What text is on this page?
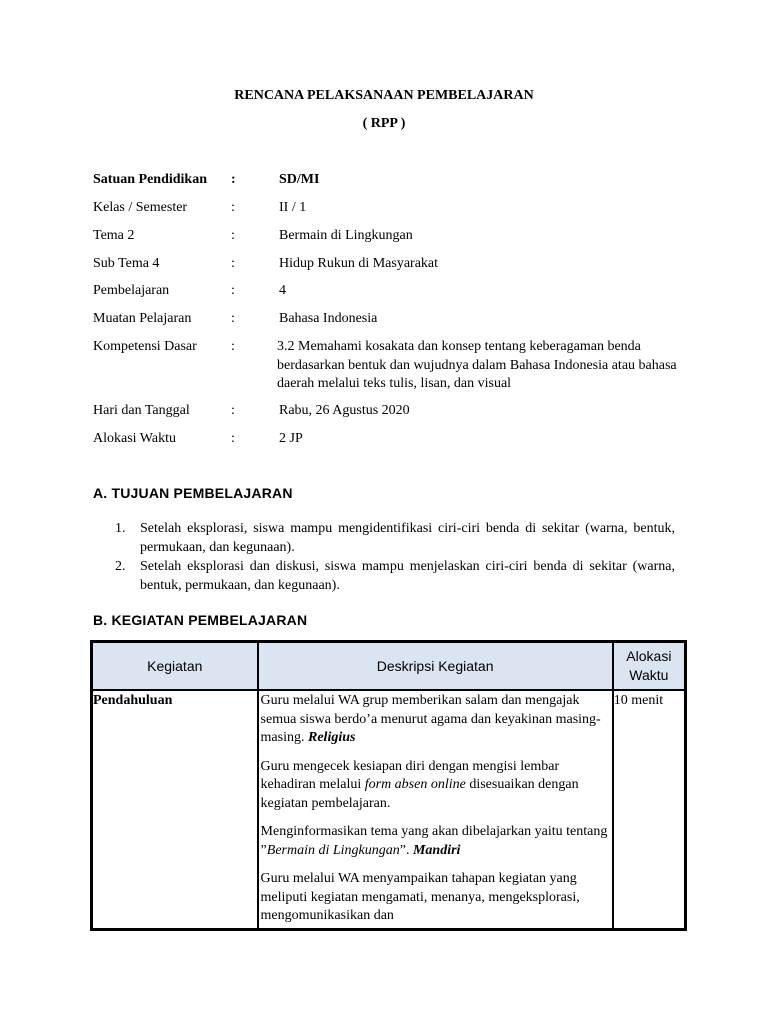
RENCANA PELAKSANAAN PEMBELAJARAN
( RPP )
Satuan Pendidikan :	SD/MI
Kelas / Semester	:	II / 1
Tema 2	:	Bermain di Lingkungan
Sub Tema 4	:	Hidup Rukun di Masyarakat
Pembelajaran	:	4
Muatan Pelajaran	:	Bahasa Indonesia
Kompetensi Dasar :	3.2 Memahami kosakata dan konsep tentang keberagaman benda berdasarkan bentuk dan wujudnya dalam Bahasa Indonesia atau bahasa daerah melalui teks tulis, lisan, dan visual
Hari dan Tanggal	:	Rabu, 26 Agustus 2020
Alokasi Waktu	:	2 JP
A. TUJUAN PEMBELAJARAN
1. Setelah eksplorasi, siswa mampu mengidentifikasi ciri-ciri benda di sekitar (warna, bentuk, permukaan, dan kegunaan).
2. Setelah eksplorasi dan diskusi, siswa mampu menjelaskan ciri-ciri benda di sekitar (warna, bentuk, permukaan, dan kegunaan).
B. KEGIATAN PEMBELAJARAN
Kegiatan	Deskripsi Kegiatan	Alokasi Waktu

Pendahuluan	Guru melalui WA grup memberikan salam dan mengajak semua siswa berdo’a menurut agama dan keyakinan masing-masing. Religius

Guru mengecek kesiapan diri dengan mengisi lembar kehadiran melalui form absen online disesuaikan dengan kegiatan pembelajaran.

Menginformasikan tema yang akan dibelajarkan yaitu tentang ”Bermain di Lingkungan”. Mandiri

Guru melalui WA menyampaikan tahapan kegiatan yang meliputi kegiatan mengamati, menanya, mengeksplorasi, mengomunikasikan dan	10 menit
